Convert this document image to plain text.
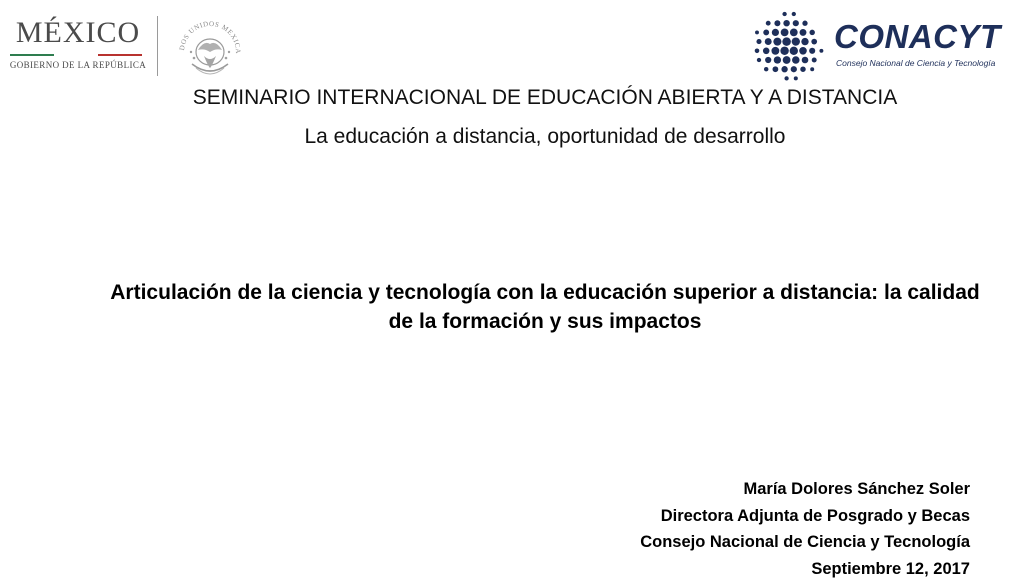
MÉXICO
GOBIERNO DE LA REPÚBLICA
DOS UNIDOS MEXICA	CONACYT
Consejo Nacional de Ciencia y Tecnología
SEMINARIO INTERNACIONAL DE EDUCACIÓN ABIERTA Y A DISTANCIA
La educación a distancia, oportunidad de desarrollo
Articulación de la ciencia y tecnología con la educación superior a distancia: la calidad de la formación y sus impactos
María Dolores Sánchez Soler
Directora Adjunta de Posgrado y Becas
Consejo Nacional de Ciencia y Tecnología
Septiembre 12, 2017
